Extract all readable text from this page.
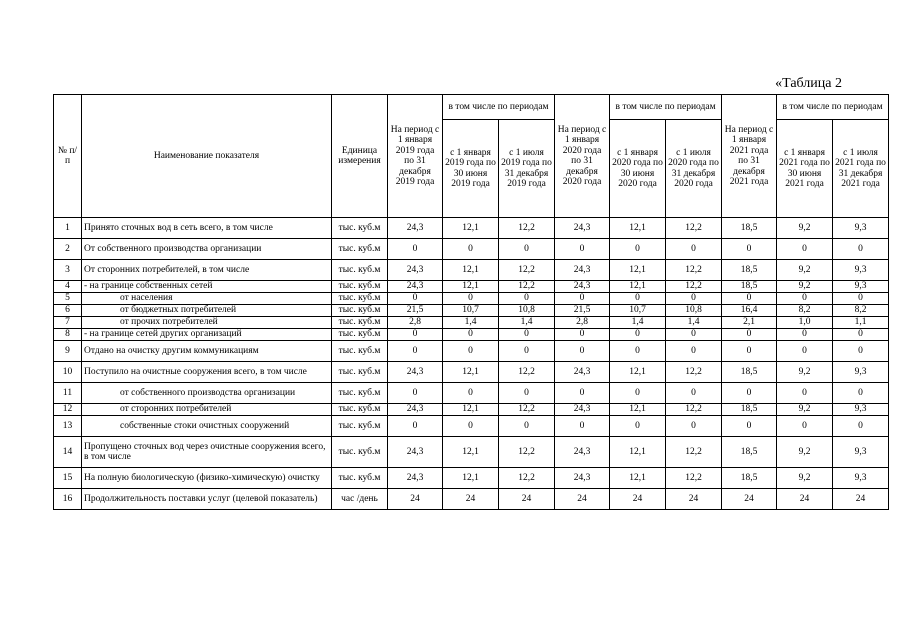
«Таблица 2
№ п/п	Наименование показателя	Единица измерения	На период с 1 января 2019 года по 31 декабря 2019 года	в том числе по периодам		На период с 1 января 2020 года по 31 декабря 2020 года	в том числе по периодам		На период с 1 января 2021 года по 31 декабря 2021 года	в том числе по периодам	
				с 1 января 2019 года по 30 июня 2019 года	с 1 июля 2019 года по 31 декабря 2019 года		с 1 января 2020 года по 30 июня 2020 года	с 1 июля 2020 года по 31 декабря 2020 года		с 1 января 2021 года по 30 июня 2021 года	с 1 июля 2021 года по 31 декабря 2021 года
1	Принято сточных вод в сеть всего, в том числе	тыс. куб.м	24,3	12,1	12,2	24,3	12,1	12,2	18,5	9,2	9,3
2	От собственного производства организации	тыс. куб.м	0	0	0	0	0	0	0	0	0
3	От сторонних потребителей, в том числе	тыс. куб.м	24,3	12,1	12,2	24,3	12,1	12,2	18,5	9,2	9,3
4	- на границе собственных сетей	тыс. куб.м	24,3	12,1	12,2	24,3	12,1	12,2	18,5	9,2	9,3
5	от населения	тыс. куб.м	0	0	0	0	0	0	0	0	0
6	от бюджетных потребителей	тыс. куб.м	21,5	10,7	10,8	21,5	10,7	10,8	16,4	8,2	8,2
7	от прочих потребителей	тыс. куб.м	2,8	1,4	1,4	2,8	1,4	1,4	2,1	1,0	1,1
8	- на границе сетей других организаций	тыс. куб.м	0	0	0	0	0	0	0	0	0
9	Отдано на очистку другим коммуникациям	тыс. куб.м	0	0	0	0	0	0	0	0	0
10	Поступило на очистные сооружения всего, в том числе	тыс. куб.м	24,3	12,1	12,2	24,3	12,1	12,2	18,5	9,2	9,3
11	от собственного производства организации	тыс. куб.м	0	0	0	0	0	0	0	0	0
12	от сторонних потребителей	тыс. куб.м	24,3	12,1	12,2	24,3	12,1	12,2	18,5	9,2	9,3
13	собственные стоки очистных сооружений	тыс. куб.м	0	0	0	0	0	0	0	0	0
14	Пропущено сточных вод через очистные сооружения всего, в том числе	тыс. куб.м	24,3	12,1	12,2	24,3	12,1	12,2	18,5	9,2	9,3
15	На полную биологическую (физико-химическую) очистку	тыс. куб.м	24,3	12,1	12,2	24,3	12,1	12,2	18,5	9,2	9,3
16	Продолжительность поставки услуг (целевой показатель)	час /день	24	24	24	24	24	24	24	24	24
